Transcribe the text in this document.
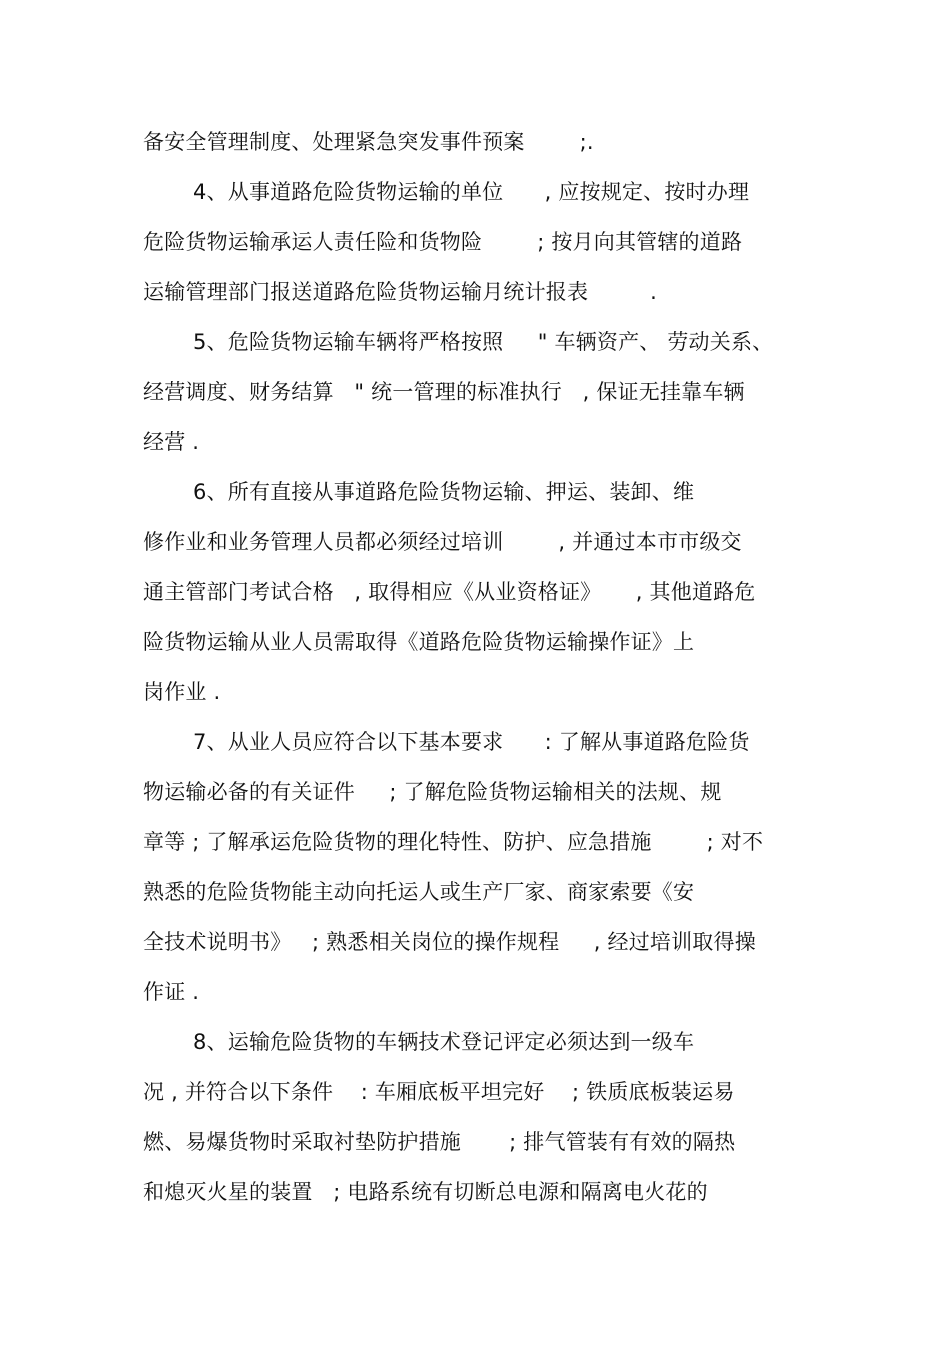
备安全管理制度、处理紧急突发事件预案        ;.
4、从事道路危险货物运输的单位      , 应按规定、按时办理
危险货物运输承运人责任险和货物险        ; 按月向其管辖的道路
运输管理部门报送道路危险货物运输月统计报表         .
5、危险货物运输车辆将严格按照     " 车辆资产、 劳动关系、
经营调度、财务结算   " 统一管理的标准执行   , 保证无挂靠车辆
经营 .
6、所有直接从事道路危险货物运输、押运、装卸、维
修作业和业务管理人员都必须经过培训        , 并通过本市市级交
通主管部门考试合格   , 取得相应《从业资格证》     , 其他道路危
险货物运输从业人员需取得《道路危险货物运输操作证》上
岗作业 .
7、从业人员应符合以下基本要求      : 了解从事道路危险货
物运输必备的有关证件     ; 了解危险货物运输相关的法规、规
章等 ; 了解承运危险货物的理化特性、防护、应急措施        ; 对不
熟悉的危险货物能主动向托运人或生产厂家、商家索要《安
全技术说明书》   ; 熟悉相关岗位的操作规程     , 经过培训取得操
作证 .
8、运输危险货物的车辆技术登记评定必须达到一级车
况 , 并符合以下条件    : 车厢底板平坦完好    ; 铁质底板装运易
燃、易爆货物时采取衬垫防护措施       ; 排气管装有有效的隔热
和熄灭火星的装置   ; 电路系统有切断总电源和隔离电火花的
